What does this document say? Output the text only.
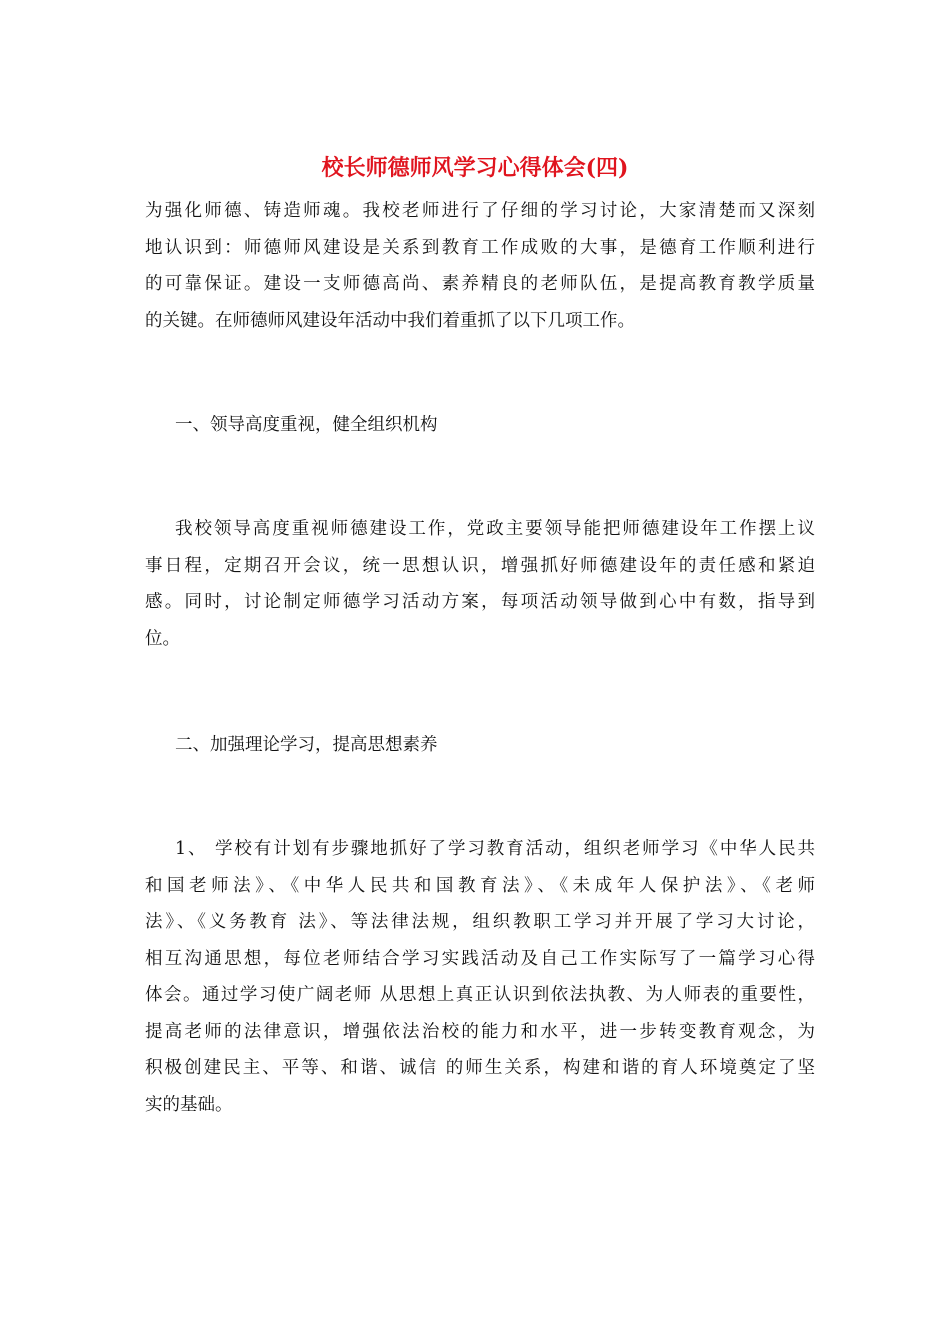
校长师德师风学习心得体会(四)
为强化师德、铸造师魂。我校老师进行了仔细的学习讨论，大家清楚而又深刻
地认识到：师德师风建设是关系到教育工作成败的大事，是德育工作顺利进行
的可靠保证。建设一支师德高尚、素养精良的老师队伍，是提高教育教学质量
的关键。在师德师风建设年活动中我们着重抓了以下几项工作。

一、领导高度重视，健全组织机构

我校领导高度重视师德建设工作，党政主要领导能把师德建设年工作摆上议
事日程，定期召开会议，统一思想认识，增强抓好师德建设年的责任感和紧迫
感。同时，讨论制定师德学习活动方案，每项活动领导做到心中有数，指导到
位。

二、加强理论学习，提高思想素养

1、 学校有计划有步骤地抓好了学习教育活动，组织老师学习《中华人民共
和国老师法》、《中华人民共和国教育法》、《未成年人保护法》、《老师
法》、《义务教育 法》、等法律法规，组织教职工学习并开展了学习大讨论，
相互沟通思想，每位老师结合学习实践活动及自己工作实际写了一篇学习心得
体会。通过学习使广阔老师 从思想上真正认识到依法执教、为人师表的重要性，
提高老师的法律意识，增强依法治校的能力和水平，进一步转变教育观念，为
积极创建民主、平等、和谐、诚信 的师生关系，构建和谐的育人环境奠定了坚
实的基础。
